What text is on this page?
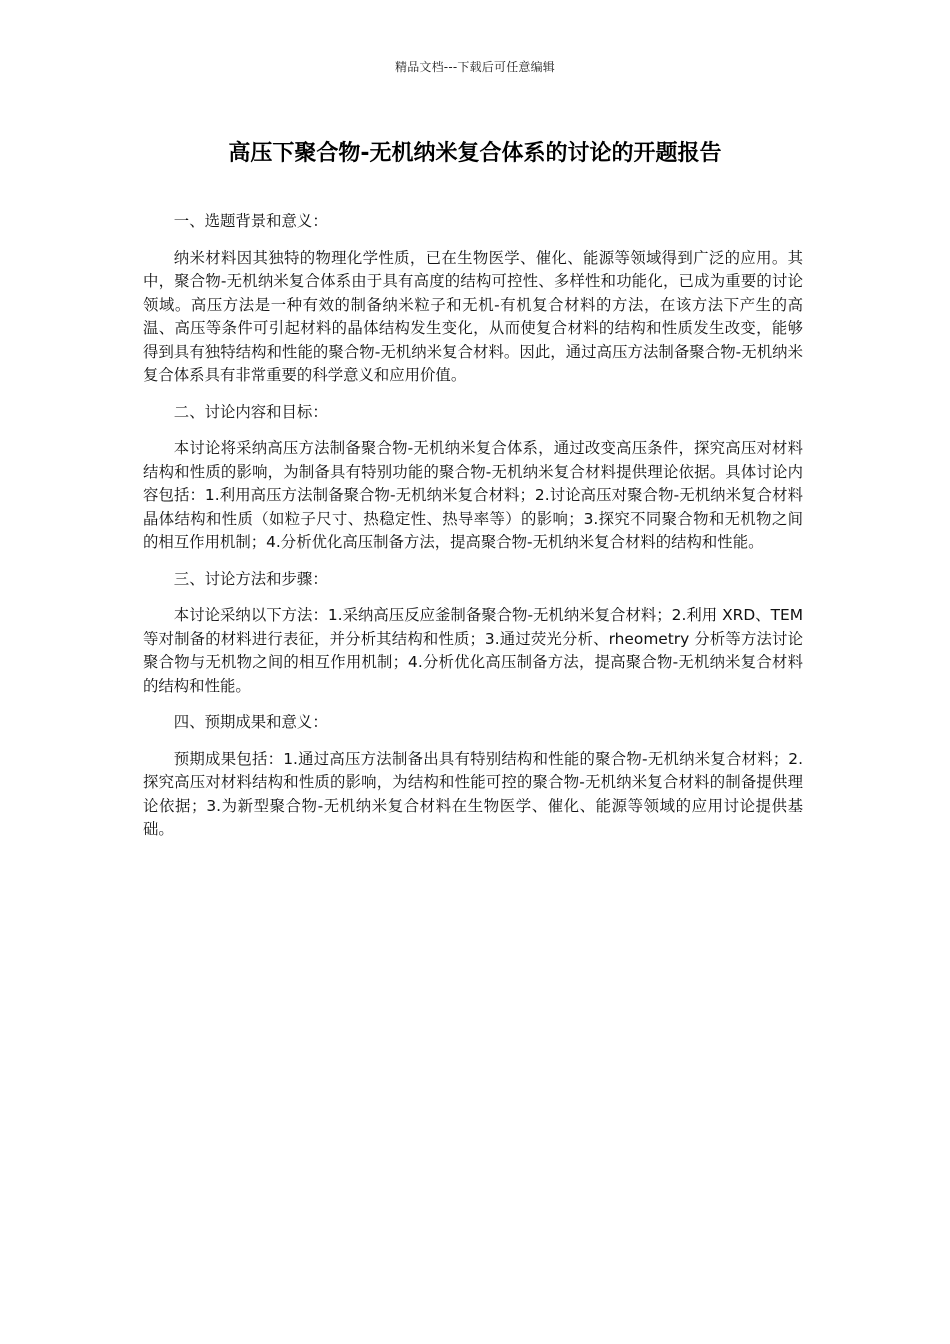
精品文档---下载后可任意编辑
高压下聚合物-无机纳米复合体系的讨论的开题报告

一、选题背景和意义：

纳米材料因其独特的物理化学性质，已在生物医学、催化、能源等领域得到广泛的应用。其中，聚合物-无机纳米复合体系由于具有高度的结构可控性、多样性和功能化，已成为重要的讨论领域。高压方法是一种有效的制备纳米粒子和无机-有机复合材料的方法，在该方法下产生的高温、高压等条件可引起材料的晶体结构发生变化，从而使复合材料的结构和性质发生改变，能够得到具有独特结构和性能的聚合物-无机纳米复合材料。因此，通过高压方法制备聚合物-无机纳米复合体系具有非常重要的科学意义和应用价值。

二、讨论内容和目标：

本讨论将采纳高压方法制备聚合物-无机纳米复合体系，通过改变高压条件，探究高压对材料结构和性质的影响，为制备具有特别功能的聚合物-无机纳米复合材料提供理论依据。具体讨论内容包括：1.利用高压方法制备聚合物-无机纳米复合材料；2.讨论高压对聚合物-无机纳米复合材料晶体结构和性质（如粒子尺寸、热稳定性、热导率等）的影响；3.探究不同聚合物和无机物之间的相互作用机制；4.分析优化高压制备方法，提高聚合物-无机纳米复合材料的结构和性能。

三、讨论方法和步骤：

本讨论采纳以下方法：1.采纳高压反应釜制备聚合物-无机纳米复合材料；2.利用 XRD、TEM 等对制备的材料进行表征，并分析其结构和性质；3.通过荧光分析、rheometry 分析等方法讨论聚合物与无机物之间的相互作用机制；4.分析优化高压制备方法，提高聚合物-无机纳米复合材料的结构和性能。

四、预期成果和意义：

预期成果包括：1.通过高压方法制备出具有特别结构和性能的聚合物-无机纳米复合材料；2.探究高压对材料结构和性质的影响，为结构和性能可控的聚合物-无机纳米复合材料的制备提供理论依据；3.为新型聚合物-无机纳米复合材料在生物医学、催化、能源等领域的应用讨论提供基础。
